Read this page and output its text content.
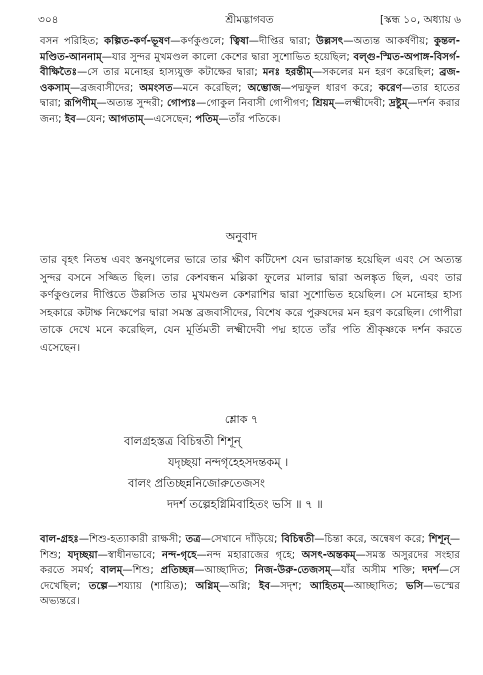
৩০৪	শ্রীমদ্ভাগবত	[স্কন্ধ ১০, অধ্যায় ৬
বসন পরিহিত; কল্পিত-কর্ণ-ভূষণ—কর্ণকুণ্ডলে; ত্বিষা—দীপ্তির দ্বারা; উল্লসৎ—অত্যন্ত আকর্ষণীয়; কুন্তল-মণ্ডিত-আননাম্—যার সুন্দর মুখমণ্ডল কালো কেশের দ্বারা সুশোভিত হয়েছিল; বল্গু-স্মিত-অপাঙ্গ-বিসর্গ-বীক্ষিতৈঃ—সে তার মনোহর হাস্যযুক্ত কটাক্ষের দ্বারা; মনঃ হরন্তীম্—সকলের মন হরণ করেছিল; ব্রজ-ওকসাম্—ব্রজবাসীদের; অমংসত—মনে করেছিল; অম্ভোজ—পদ্মফুল ধারণ করে; করেণ—তার হাতের দ্বারা; রূপিণীম্—অত্যন্ত সুন্দরী; গোপ্যঃ—গোকুল নিবাসী গোপীগণ; শ্রিয়ম্—লক্ষ্মীদেবী; দ্রষ্টুম্—দর্শন করার জন্য; ইব—যেন; আগতাম্—এসেছেন; পতিম্—তাঁর পতিকে।
অনুবাদ
তার বৃহৎ নিতম্ব এবং স্তনযুগলের ভারে তার ক্ষীণ কটিদেশ যেন ভারাক্রান্ত হয়েছিল এবং সে অত্যন্ত সুন্দর বসনে সজ্জিত ছিল। তার কেশবন্ধন মল্লিকা ফুলের মালার দ্বারা অলঙ্কৃত ছিল, এবং তার কর্ণকুণ্ডলের দীপ্তিতে উল্লসিত তার মুখমণ্ডল কেশরাশির দ্বারা সুশোভিত হয়েছিল। সে মনোহর হাস্য সহকারে কটাক্ষ নিক্ষেপের দ্বারা সমস্ত ব্রজবাসীদের, বিশেষ করে পুরুষদের মন হরণ করেছিল। গোপীরা তাকে দেখে মনে করেছিল, যেন মূর্তিমতী লক্ষ্মীদেবী পদ্ম হাতে তাঁর পতি শ্রীকৃষ্ণকে দর্শন করতে এসেছেন।
শ্লোক ৭
বালগ্রহস্তত্র বিচিন্বতী শিশূন্
যদৃচ্ছয়া নন্দগৃহেহসদন্তকম্ ।
বালং প্রতিচ্ছন্ননিজোরুতেজসং
দদর্শ তল্পেহগ্নিমিবাহিতং ভসি ॥ ৭ ॥
বাল-গ্রহঃ—শিশু-হত্যাকারী রাক্ষসী; তত্র—সেখানে দাঁড়িয়ে; বিচিন্বতী—চিন্তা করে, অন্বেষণ করে; শিশূন্—শিশু; যদৃচ্ছয়া—স্বাধীনভাবে; নন্দ-গৃহে—নন্দ মহারাজের গৃহে; অসৎ-অন্তকম্—সমস্ত অসুরদের সংহার করতে সমর্থ; বালম্—শিশু; প্রতিচ্ছন্ন—আচ্ছাদিত; নিজ-উরু-তেজসম্—যাঁর অসীম শক্তি; দদর্শ—সে দেখেছিল; তল্পে—শয্যায় (শায়িত); অগ্নিম্—অগ্নি; ইব—সদৃশ; আহিতম্—আচ্ছাদিত; ভসি—ভস্মের অভ্যন্তরে।
